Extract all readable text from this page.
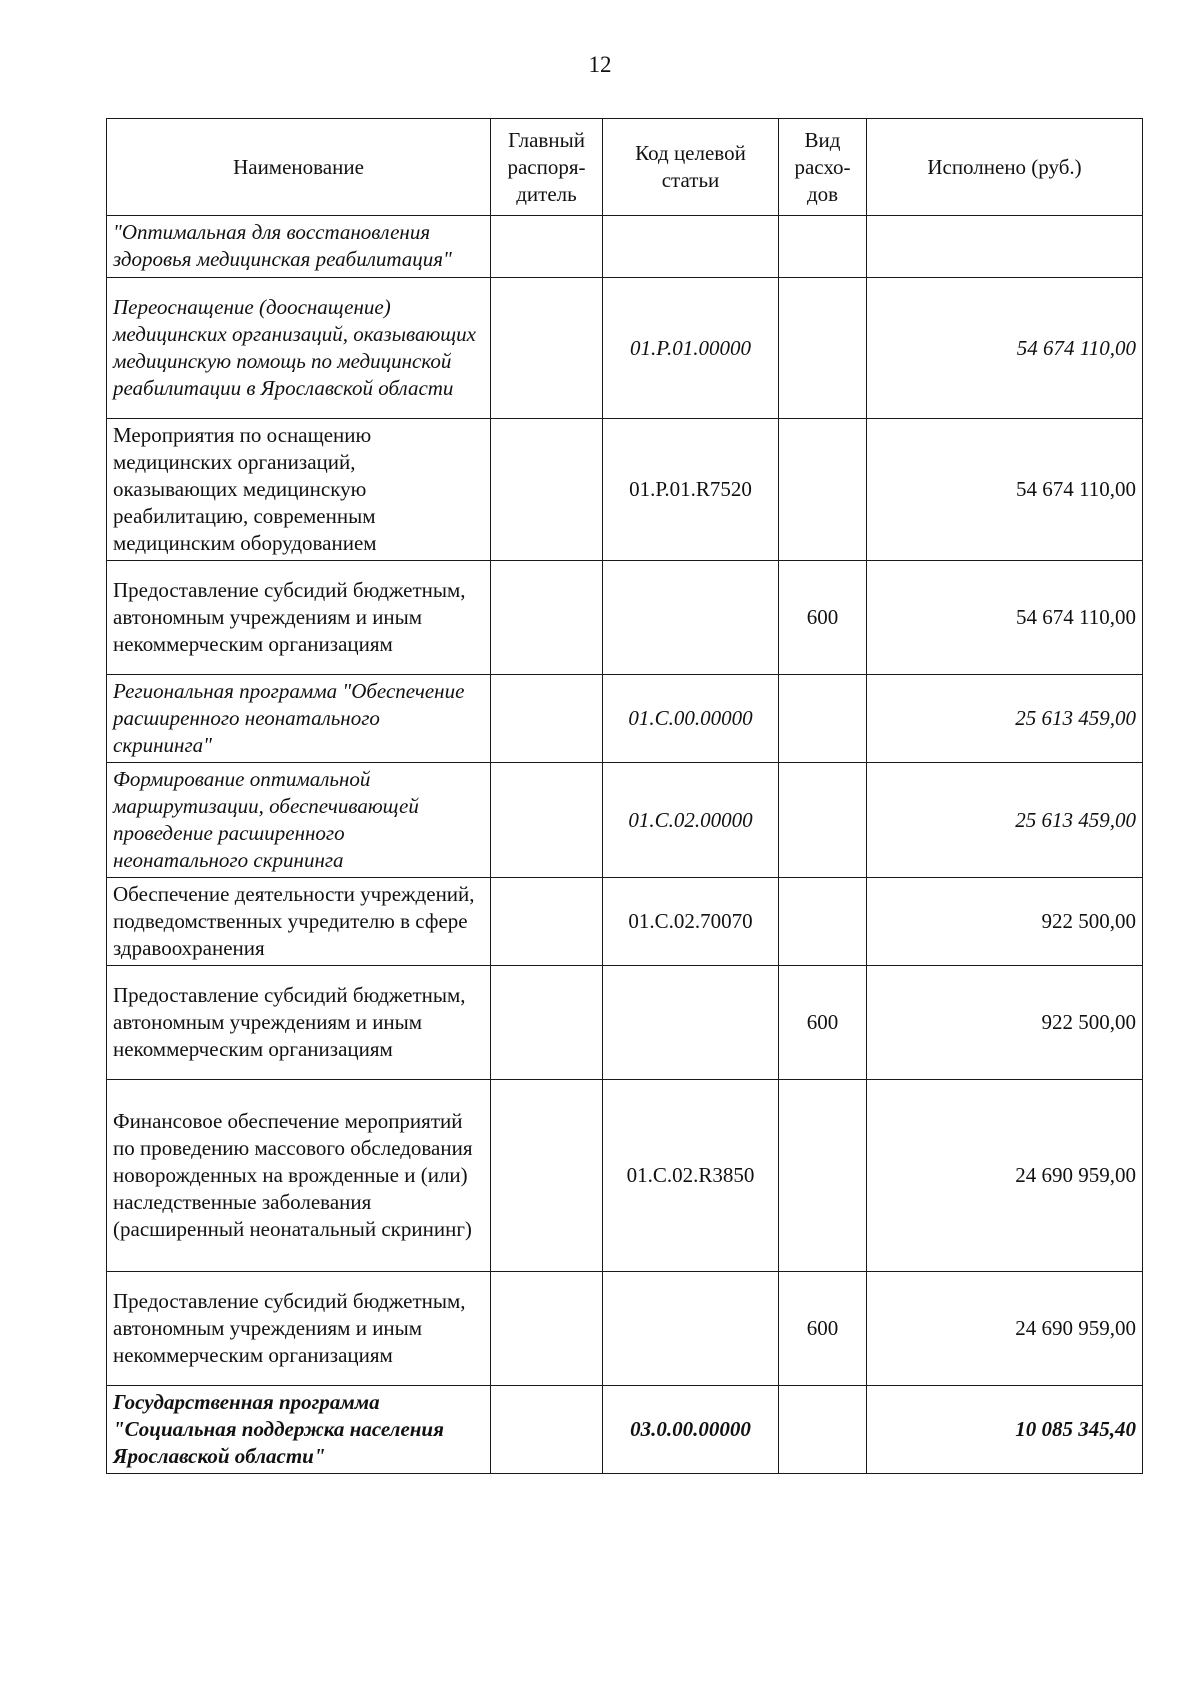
12
Наименование	Главный распоря-дитель	Код целевой статьи	Вид расхо-дов	Исполнено (руб.)
"Оптимальная для восстановления здоровья медицинская реабилитация"				
Переоснащение (дооснащение) медицинских организаций, оказывающих медицинскую помощь по медицинской реабилитации в Ярославской области		01.Р.01.00000		54 674 110,00
Мероприятия по оснащению медицинских организаций, оказывающих медицинскую реабилитацию, современным медицинским оборудованием		01.Р.01.R7520		54 674 110,00
Предоставление субсидий бюджетным, автономным учреждениям и иным некоммерческим организациям			600	54 674 110,00
Региональная программа "Обеспечение расширенного неонатального скрининга"		01.С.00.00000		25 613 459,00
Формирование оптимальной маршрутизации, обеспечивающей проведение расширенного неонатального скрининга		01.С.02.00000		25 613 459,00
Обеспечение деятельности учреждений, подведомственных учредителю в сфере здравоохранения		01.С.02.70070		922 500,00
Предоставление субсидий бюджетным, автономным учреждениям и иным некоммерческим организациям			600	922 500,00
Финансовое обеспечение мероприятий по проведению массового обследования новорожденных на врожденные и (или) наследственные заболевания (расширенный неонатальный скрининг)		01.С.02.R3850		24 690 959,00
Предоставление субсидий бюджетным, автономным учреждениям и иным некоммерческим организациям			600	24 690 959,00
Государственная программа "Социальная поддержка населения Ярославской области"		03.0.00.00000		10 085 345,40
